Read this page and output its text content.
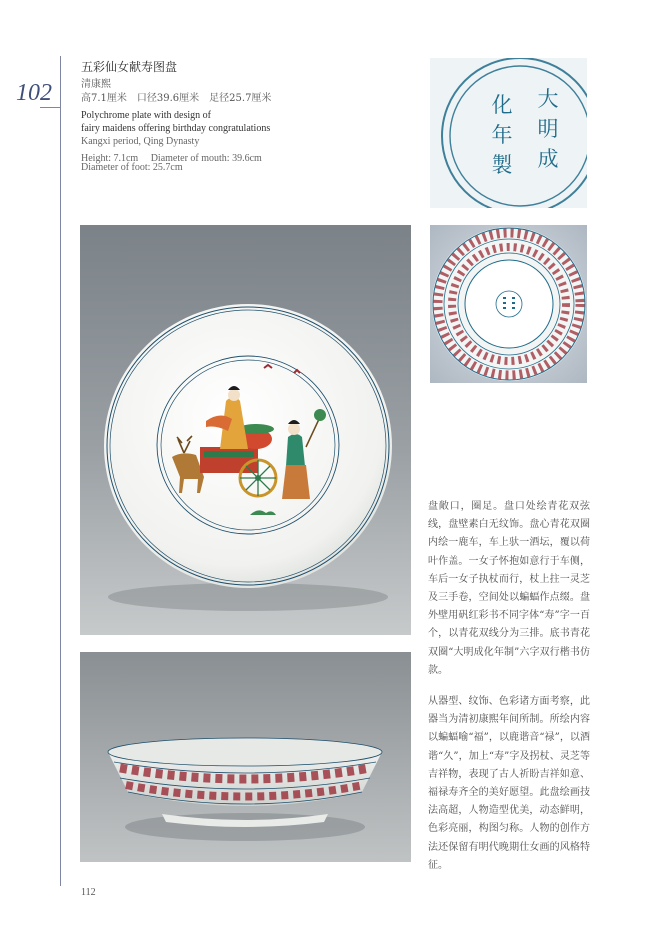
102
五彩仙女献寿图盘
清康熙
高7.1厘米　口径39.6厘米　足径25.7厘米
Polychrome plate with design of
fairy maidens offering birthday congratulations
Kangxi period, Qing Dynasty
Height: 7.1cm　 Diameter of mouth: 39.6cm
Diameter of foot: 25.7cm
大
明
成
化
年
製

盘敞口，圈足。盘口处绘青花双弦线，盘壁素白无纹饰。盘心青花双圈内绘一鹿车，车上驮一酒坛，覆以荷叶作盖。一女子怀抱如意行于车侧，车后一女子执杖而行，杖上拄一灵芝及三手卷，空间处以蝙蝠作点缀。盘外壁用矾红彩书不同字体“寿”字一百个，以青花双线分为三排。底书青花双圈“大明成化年制”六字双行楷书仿款。

从器型、纹饰、色彩诸方面考察，此器当为清初康熙年间所制。所绘内容以蝙蝠喻“福”，以鹿谐音“禄”，以酒谐“久”，加上“寿”字及拐杖、灵芝等吉祥物，表现了古人祈盼吉祥如意、福禄寿齐全的美好愿望。此盘绘画技法高超，人物造型优美，动态鲜明，色彩亮丽，构图匀称。人物的创作方法还保留有明代晚期仕女画的风格特征。

112
